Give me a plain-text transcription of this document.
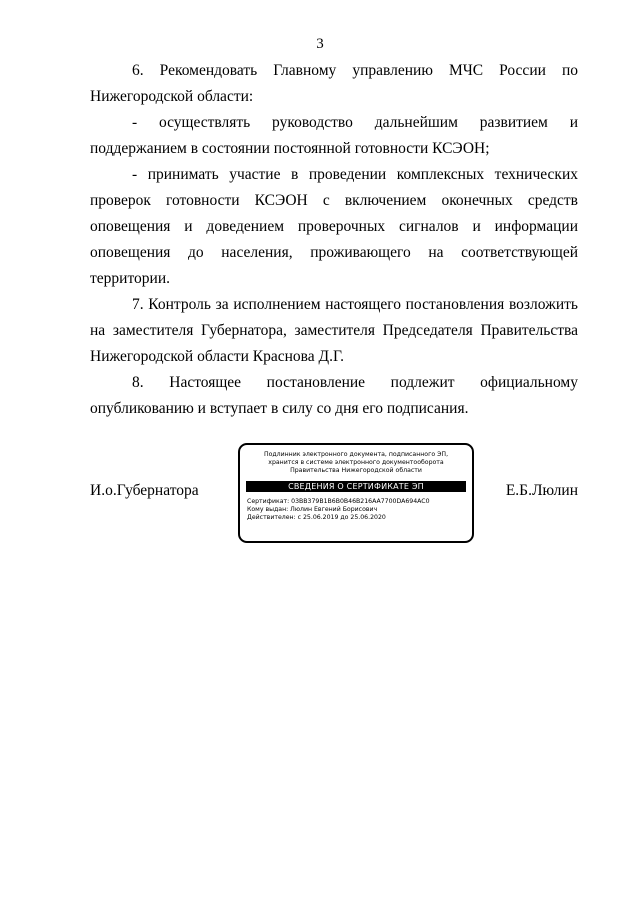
3

6. Рекомендовать Главному управлению МЧС России по Нижегородской области:

- осуществлять руководство дальнейшим развитием и поддержанием в состоянии постоянной готовности КСЭОН;

- принимать участие в проведении комплексных технических проверок готовности КСЭОН с включением оконечных средств оповещения и доведением проверочных сигналов и информации оповещения до населения, проживающего на соответствующей территории.

7. Контроль за исполнением настоящего постановления возложить на заместителя Губернатора, заместителя Председателя Правительства Нижегородской области Краснова Д.Г.

8. Настоящее постановление подлежит официальному опубликованию и вступает в силу со дня его подписания.

И.о.Губернатора	Е.Б.Люлин
Подлинник электронного документа, подписанного ЭП,
хранится в системе электронного документооборота
Правительства Нижегородской области
СВЕДЕНИЯ О СЕРТИФИКАТЕ ЭП
Сертификат: 03BB379B1B6B0B46B216AA7700DA694AC0
Кому выдан: Люлин Евгений Борисович
Действителен: с 25.06.2019 до 25.06.2020
